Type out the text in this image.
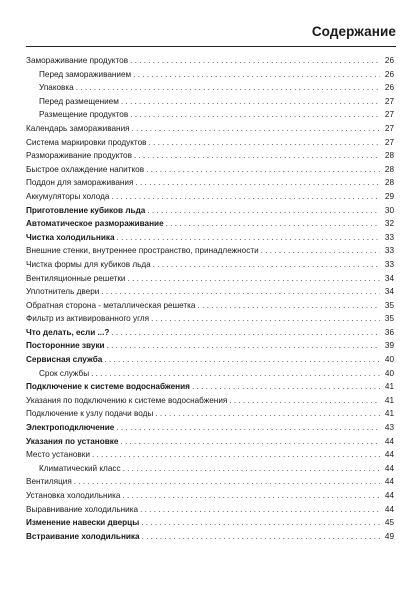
Содержание
Замораживание продуктов . . .	26
Перед замораживанием . . .	26
Упаковка . . .	26
Перед размещением . . .	27
Размещение продуктов . . .	27
Календарь замораживания . . .	27
Система маркировки продуктов . . .	27
Размораживание продуктов . . .	28
Быстрое охлаждение напитков . . .	28
Поддон для замораживания . . .	28
Аккумуляторы холода . . .	29
Приготовление кубиков льда . . .	30
Автоматическое размораживание . . .	32
Чистка холодильника . . .	33
Внешние стенки, внутреннее пространство, принадлежности . . .	33
Чистка формы для кубиков льда . . .	33
Вентиляционные решетки . . .	34
Уплотнитель двери . . .	34
Обратная сторона - металлическая решетка . . .	35
Фильтр из активированного угля . . .	35
Что делать, если ...? . . .	36
Посторонние звуки . . .	39
Сервисная служба . . .	40
Срок службы . . .	40
Подключение к системе водоснабжения . . .	41
Указания по подключению к системе водоснабжения . . .	41
Подключение к узлу подачи воды . . .	41
Электроподключение . . .	43
Указания по установке . . .	44
Место установки . . .	44
Климатический класс . . .	44
Вентиляция . . .	44
Установка холодильника . . .	44
Выравнивание холодильника . . .	44
Изменение навески дверцы . . .	45
Встраивание холодильника . . .	49
